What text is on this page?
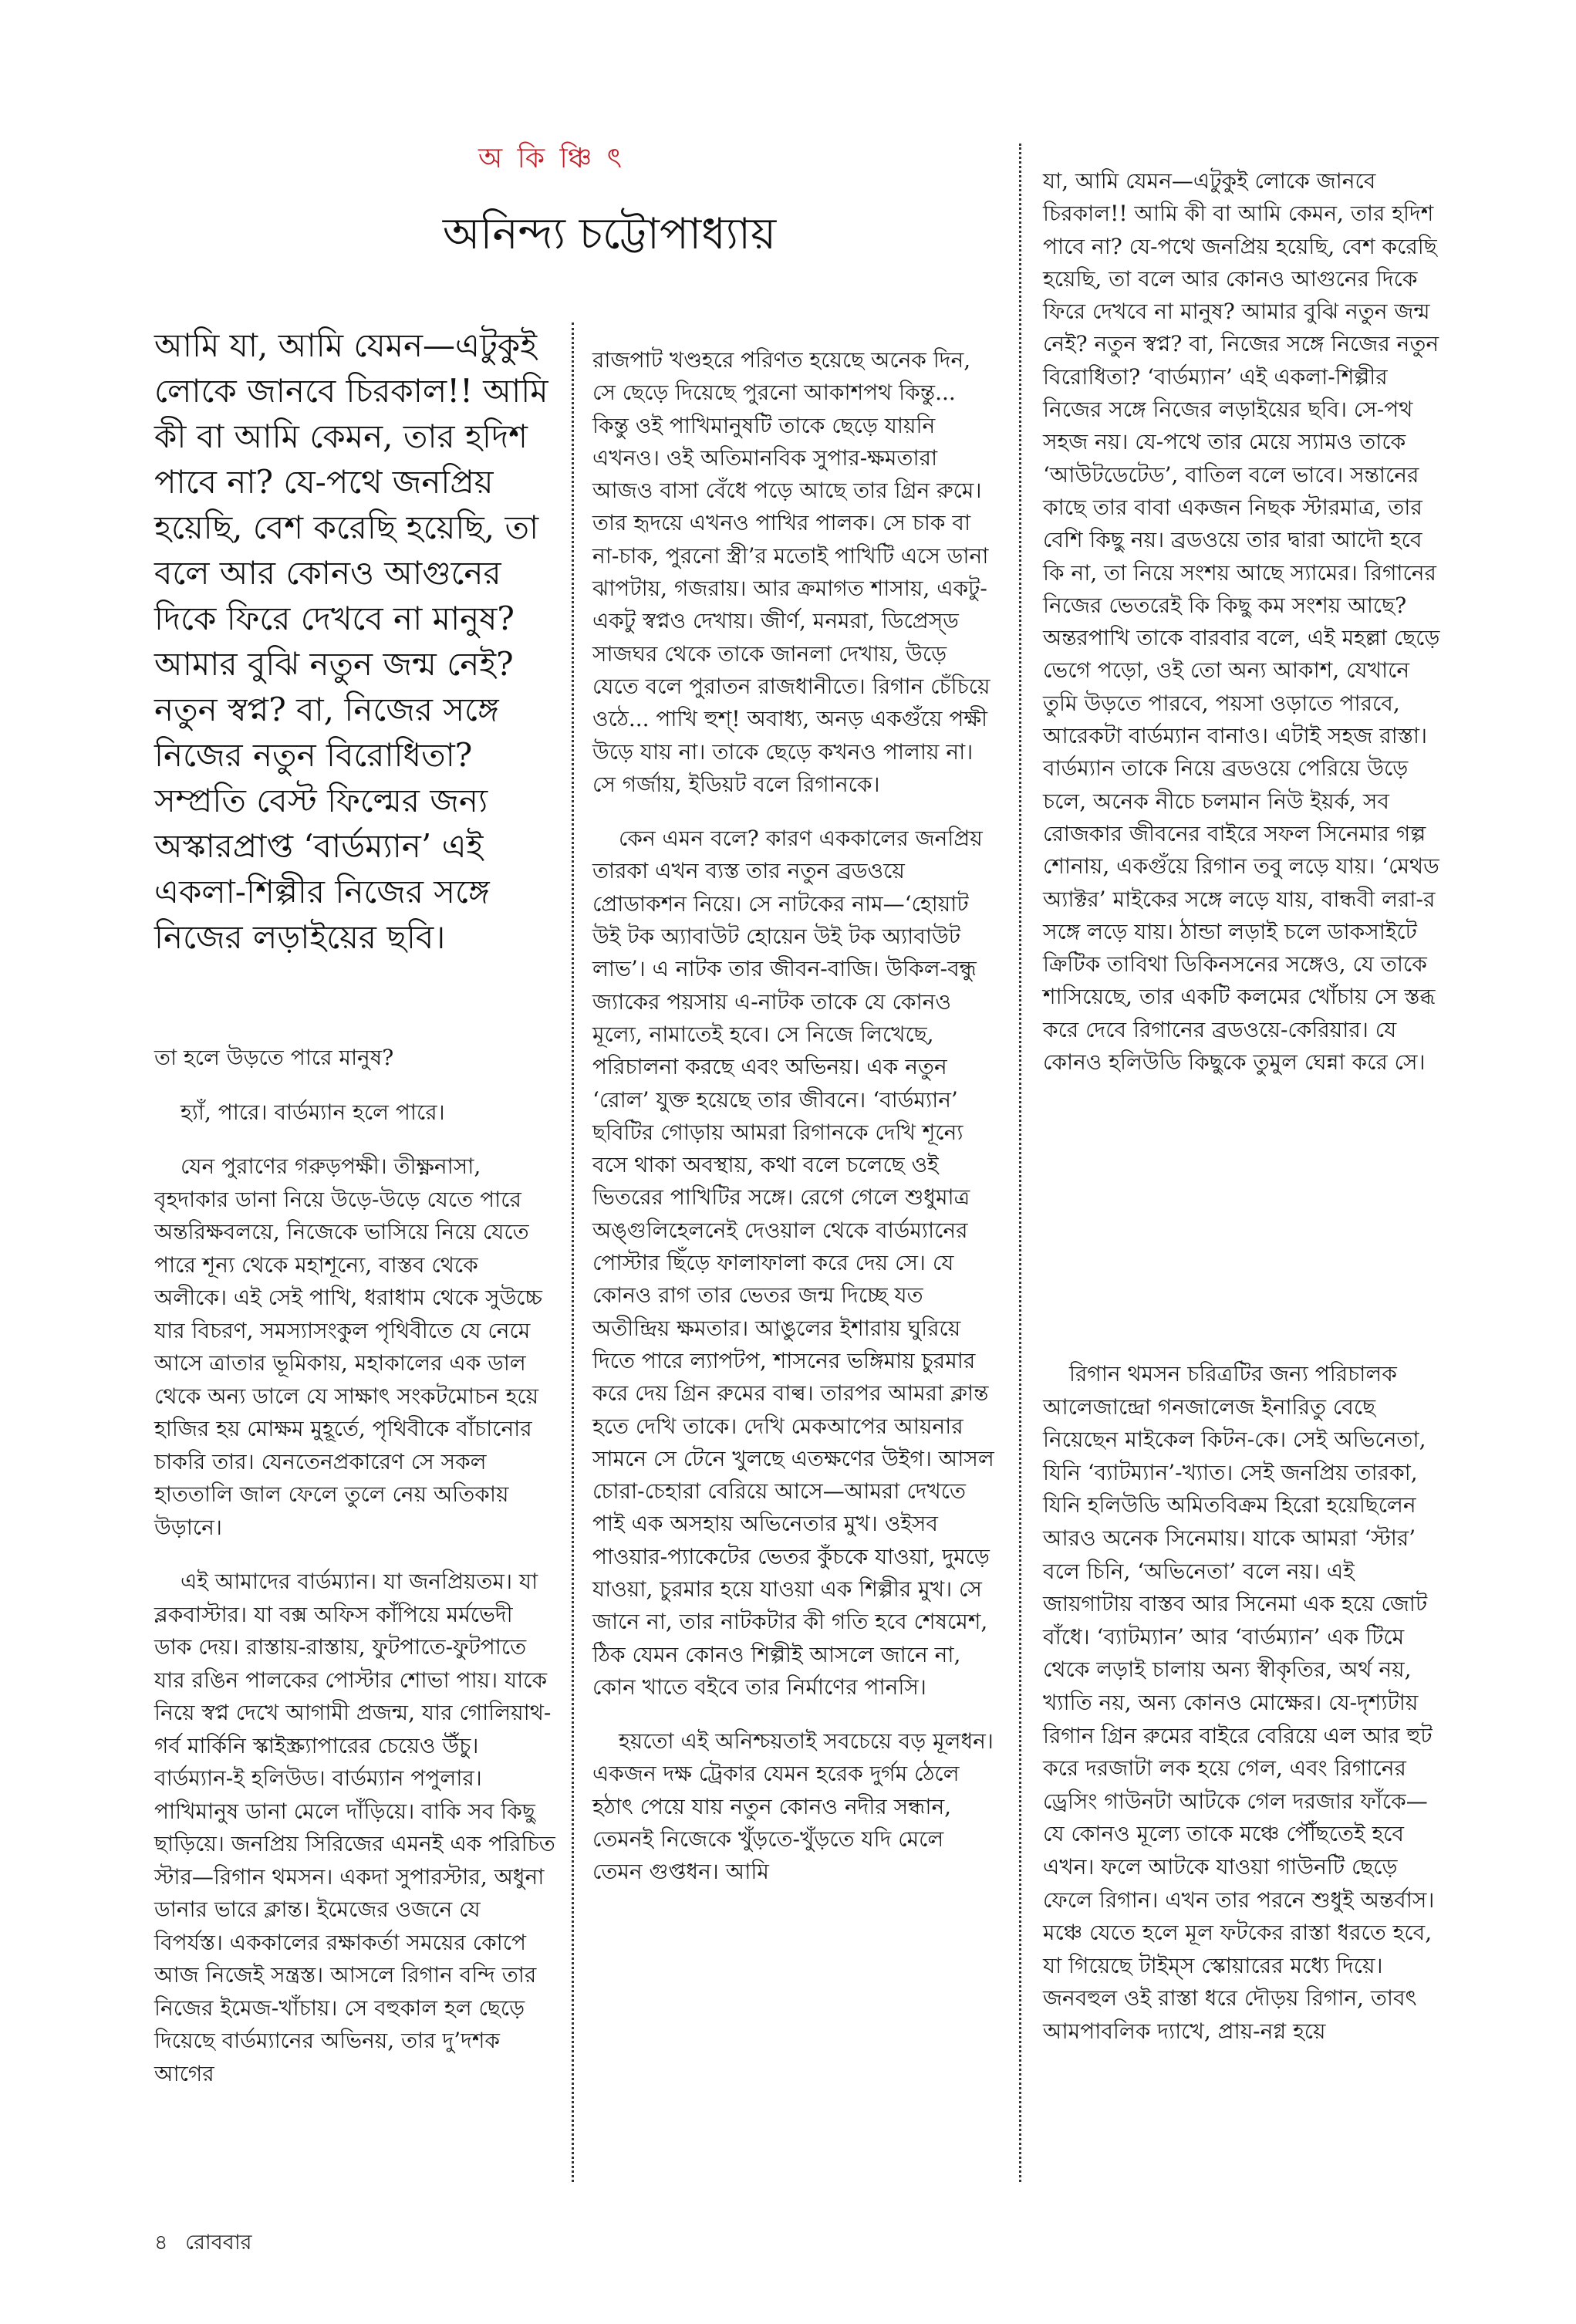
অ কি ঞ্চি ৎ
অনিন্দ্য চট্টোপাধ্যায়
আমি যা, আমি যেমন—এটুকুই লোকে জানবে চিরকাল!! আমি কী বা আমি কেমন, তার হদিশ পাবে না? যে-পথে জনপ্রিয় হয়েছি, বেশ করেছি হয়েছি, তা বলে আর কোনও আগুনের দিকে ফিরে দেখবে না মানুষ? আমার বুঝি নতুন জন্ম নেই? নতুন স্বপ্ন? বা, নিজের সঙ্গে নিজের নতুন বিরোধিতা? সম্প্রতি বেস্ট ফিল্মের জন্য অস্কারপ্রাপ্ত ‘বার্ডম্যান’ এই একলা-শিল্পীর নিজের সঙ্গে নিজের লড়াইয়ের ছবি।

তা হলে উড়তে পারে মানুষ?

হ্যাঁ, পারে। বার্ডম্যান হলে পারে।

যেন পুরাণের গরুড়পক্ষী। তীক্ষ্ণনাসা, বৃহদাকার ডানা নিয়ে উড়ে-উড়ে যেতে পারে অন্তরিক্ষবলয়ে, নিজেকে ভাসিয়ে নিয়ে যেতে পারে শূন্য থেকে মহাশূন্যে, বাস্তব থেকে অলীকে। এই সেই পাখি, ধরাধাম থেকে সুউচ্চে যার বিচরণ, সমস্যাসংকুল পৃথিবীতে যে নেমে আসে ত্রাতার ভূমিকায়, মহাকালের এক ডাল থেকে অন্য ডালে যে সাক্ষাৎ সংকটমোচন হয়ে হাজির হয় মোক্ষম মুহূর্তে, পৃথিবীকে বাঁচানোর চাকরি তার। যেনতেনপ্রকারেণ সে সকল হাততালি জাল ফেলে তুলে নেয় অতিকায় উড়ানে।

এই আমাদের বার্ডম্যান। যা জনপ্রিয়তম। যা ব্লকবাস্টার। যা বক্স অফিস কাঁপিয়ে মর্মভেদী ডাক দেয়। রাস্তায়-রাস্তায়, ফুটপাতে-ফুটপাতে যার রঙিন পালকের পোস্টার শোভা পায়। যাকে নিয়ে স্বপ্ন দেখে আগামী প্রজন্ম, যার গোলিয়াথ-গর্ব মার্কিনি স্কাইস্ক্র্যাপারের চেয়েও উঁচু। বার্ডম্যান-ই হলিউড। বার্ডম্যান পপুলার। পাখিমানুষ ডানা মেলে দাঁড়িয়ে। বাকি সব কিছু ছাড়িয়ে। জনপ্রিয় সিরিজের এমনই এক পরিচিত স্টার—রিগান থমসন। একদা সুপারস্টার, অধুনা ডানার ভারে ক্লান্ত। ইমেজের ওজনে যে বিপর্যস্ত। এককালের রক্ষাকর্তা সময়ের কোপে আজ নিজেই সন্ত্রস্ত। আসলে রিগান বন্দি তার নিজের ইমেজ-খাঁচায়। সে বহুকাল হল ছেড়ে দিয়েছে বার্ডম্যানের অভিনয়, তার দু’দশক আগের

রাজপাট খণ্ডহরে পরিণত হয়েছে অনেক দিন, সে ছেড়ে দিয়েছে পুরনো আকাশপথ কিন্তু... কিন্তু ওই পাখিমানুষটি তাকে ছেড়ে যায়নি এখনও। ওই অতিমানবিক সুপার-ক্ষমতারা আজও বাসা বেঁধে পড়ে আছে তার গ্রিন রুমে। তার হৃদয়ে এখনও পাখির পালক। সে চাক বা না-চাক, পুরনো স্ত্রী’র মতোই পাখিটি এসে ডানা ঝাপটায়, গজরায়। আর ক্রমাগত শাসায়, একটু-একটু স্বপ্নও দেখায়। জীর্ণ, মনমরা, ডিপ্রেস্‌ড সাজঘর থেকে তাকে জানলা দেখায়, উড়ে যেতে বলে পুরাতন রাজধানীতে। রিগান চেঁচিয়ে ওঠে... পাখি হুশ্‌! অবাধ্য, অনড় একগুঁয়ে পক্ষী উড়ে যায় না। তাকে ছেড়ে কখনও পালায় না। সে গর্জায়, ইডিয়ট বলে রিগানকে।

কেন এমন বলে? কারণ এককালের জনপ্রিয় তারকা এখন ব্যস্ত তার নতুন ব্রডওয়ে প্রোডাকশন নিয়ে। সে নাটকের নাম—‘হোয়াট উই টক অ্যাবাউট হোয়েন উই টক অ্যাবাউট লাভ’। এ নাটক তার জীবন-বাজি। উকিল-বন্ধু জ্যাকের পয়সায় এ-নাটক তাকে যে কোনও মূল্যে, নামাতেই হবে। সে নিজে লিখেছে, পরিচালনা করছে এবং অভিনয়। এক নতুন ‘রোল’ যুক্ত হয়েছে তার জীবনে। ‘বার্ডম্যান’ ছবিটির গোড়ায় আমরা রিগানকে দেখি শূন্যে বসে থাকা অবস্থায়, কথা বলে চলেছে ওই ভিতরের পাখিটির সঙ্গে। রেগে গেলে শুধুমাত্র অঙ্গুলিহেলনেই দেওয়াল থেকে বার্ডম্যানের পোস্টার ছিঁড়ে ফালাফালা করে দেয় সে। যে কোনও রাগ তার ভেতর জন্ম দিচ্ছে যত অতীন্দ্রিয় ক্ষমতার। আঙুলের ইশারায় ঘুরিয়ে দিতে পারে ল্যাপটপ, শাসনের ভঙ্গিমায় চুরমার করে দেয় গ্রিন রুমের বাল্ব। তারপর আমরা ক্লান্ত হতে দেখি তাকে। দেখি মেকআপের আয়নার সামনে সে টেনে খুলছে এতক্ষণের উইগ। আসল চোরা-চেহারা বেরিয়ে আসে—আমরা দেখতে পাই এক অসহায় অভিনেতার মুখ। ওইসব পাওয়ার-প্যাকেটের ভেতর কুঁচকে যাওয়া, দুমড়ে যাওয়া, চুরমার হয়ে যাওয়া এক শিল্পীর মুখ। সে জানে না, তার নাটকটার কী গতি হবে শেষমেশ, ঠিক যেমন কোনও শিল্পীই আসলে জানে না, কোন খাতে বইবে তার নির্মাণের পানসি।

হয়তো এই অনিশ্চয়তাই সবচেয়ে বড় মূলধন। একজন দক্ষ ট্রেকার যেমন হরেক দুর্গম ঠেলে হঠাৎ পেয়ে যায় নতুন কোনও নদীর সন্ধান, তেমনই নিজেকে খুঁড়তে-খুঁড়তে যদি মেলে তেমন গুপ্তধন। আমি

যা, আমি যেমন—এটুকুই লোকে জানবে চিরকাল!! আমি কী বা আমি কেমন, তার হদিশ পাবে না? যে-পথে জনপ্রিয় হয়েছি, বেশ করেছি হয়েছি, তা বলে আর কোনও আগুনের দিকে ফিরে দেখবে না মানুষ? আমার বুঝি নতুন জন্ম নেই? নতুন স্বপ্ন? বা, নিজের সঙ্গে নিজের নতুন বিরোধিতা? ‘বার্ডম্যান’ এই একলা-শিল্পীর নিজের সঙ্গে নিজের লড়াইয়ের ছবি। সে-পথ সহজ নয়। যে-পথে তার মেয়ে স্যামও তাকে ‘আউটডেটেড’, বাতিল বলে ভাবে। সন্তানের কাছে তার বাবা একজন নিছক স্টারমাত্র, তার বেশি কিছু নয়। ব্রডওয়ে তার দ্বারা আদৌ হবে কি না, তা নিয়ে সংশয় আছে স্যামের। রিগানের নিজের ভেতরেই কি কিছু কম সংশয় আছে? অন্তরপাখি তাকে বারবার বলে, এই মহল্লা ছেড়ে ভেগে পড়ো, ওই তো অন্য আকাশ, যেখানে তুমি উড়তে পারবে, পয়সা ওড়াতে পারবে, আরেকটা বার্ডম্যান বানাও। এটাই সহজ রাস্তা। বার্ডম্যান তাকে নিয়ে ব্রডওয়ে পেরিয়ে উড়ে চলে, অনেক নীচে চলমান নিউ ইয়র্ক, সব রোজকার জীবনের বাইরে সফল সিনেমার গল্প শোনায়, একগুঁয়ে রিগান তবু লড়ে যায়। ‘মেথড অ্যাক্টর’ মাইকের সঙ্গে লড়ে যায়, বান্ধবী লরা-র সঙ্গে লড়ে যায়। ঠান্ডা লড়াই চলে ডাকসাইটে ক্রিটিক তাবিথা ডিকিনসনের সঙ্গেও, যে তাকে শাসিয়েছে, তার একটি কলমের খোঁচায় সে স্তব্ধ করে দেবে রিগানের ব্রডওয়ে-কেরিয়ার। যে কোনও হলিউডি কিছুকে তুমুল ঘেন্না করে সে।

রিগান থমসন চরিত্রটির জন্য পরিচালক আলেজান্দ্রো গনজালেজ ইনারিতু বেছে নিয়েছেন মাইকেল কিটন-কে। সেই অভিনেতা, যিনি ‘ব্যাটম্যান’-খ্যাত। সেই জনপ্রিয় তারকা, যিনি হলিউডি অমিতবিক্রম হিরো হয়েছিলেন আরও অনেক সিনেমায়। যাকে আমরা ‘স্টার’ বলে চিনি, ‘অভিনেতা’ বলে নয়। এই জায়গাটায় বাস্তব আর সিনেমা এক হয়ে জোট বাঁধে। ‘ব্যাটম্যান’ আর ‘বার্ডম্যান’ এক টিমে থেকে লড়াই চালায় অন্য স্বীকৃতির, অর্থ নয়, খ্যাতি নয়, অন্য কোনও মোক্ষের। যে-দৃশ্যটায় রিগান গ্রিন রুমের বাইরে বেরিয়ে এল আর হুট করে দরজাটা লক হয়ে গেল, এবং রিগানের ড্রেসিং গাউনটা আটকে গেল দরজার ফাঁকে—যে কোনও মূল্যে তাকে মঞ্চে পৌঁছতেই হবে এখন। ফলে আটকে যাওয়া গাউনটি ছেড়ে ফেলে রিগান। এখন তার পরনে শুধুই অন্তর্বাস। মঞ্চে যেতে হলে মূল ফটকের রাস্তা ধরতে হবে, যা গিয়েছে টাইম্‌স স্কোয়ারের মধ্যে দিয়ে। জনবহুল ওই রাস্তা ধরে দৌড়য় রিগান, তাবৎ আমপাবলিক দ্যাখে, প্রায়-নগ্ন হয়ে

৪ রোববার
